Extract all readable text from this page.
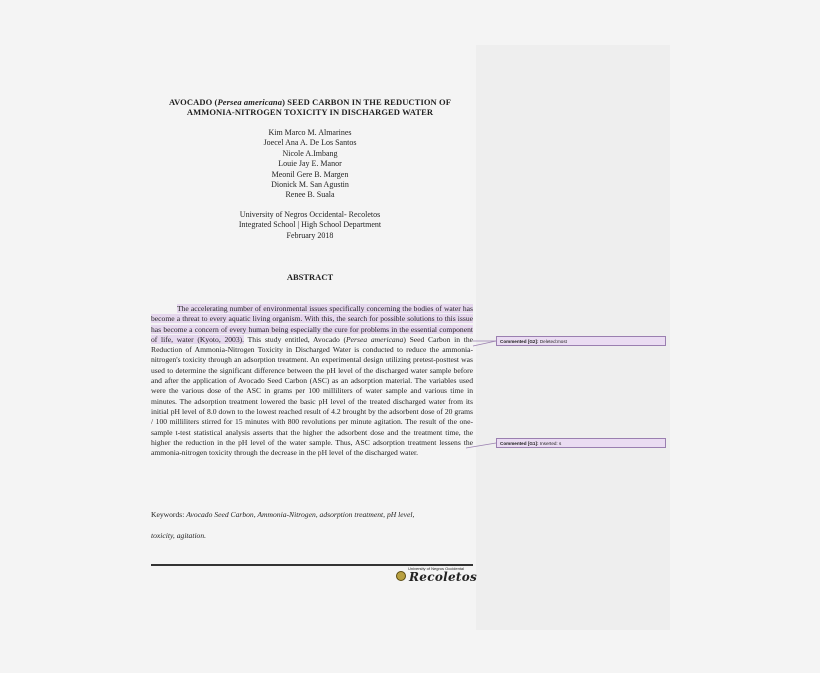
AVOCADO (Persea americana) SEED CARBON IN THE REDUCTION OF
AMMONIA-NITROGEN TOXICITY IN DISCHARGED WATER
Kim Marco M. Almarines
Joecel Ana A. De Los Santos
Nicole A.Imbang
Louie Jay E. Manor
Meonil Gere B. Margen
Dionick M. San Agustin
Renee B. Suala
University of Negros Occidental- Recoletos
Integrated School | High School Department
February 2018
ABSTRACT
The accelerating number of environmental issues specifically concerning the bodies of water has become a threat to every aquatic living organism. With this, the search for possible solutions to this issue has become a concern of every human being especially the cure for problems in the essential component of life, water (Kyoto, 2003). This study entitled, Avocado (Persea americana) Seed Carbon in the Reduction of Ammonia-Nitrogen Toxicity in Discharged Water is conducted to reduce the ammonia-nitrogen's toxicity through an adsorption treatment. An experimental design utilizing pretest-posttest was used to determine the significant difference between the pH level of the discharged water sample before and after the application of Avocado Seed Carbon (ASC) as an adsorption material. The variables used were the various dose of the ASC in grams per 100 milliliters of water sample and various time in minutes. The adsorption treatment lowered the basic pH level of the treated discharged water from its initial pH level of 8.0 down to the lowest reached result of 4.2 brought by the adsorbent dose of 20 grams / 100 milliliters stirred for 15 minutes with 800 revolutions per minute agitation. The result of the one-sample t-test statistical analysis asserts that the higher the adsorbent dose and the treatment time, the higher the reduction in the pH level of the water sample. Thus, ASC adsorption treatment lessens the ammonia-nitrogen toxicity through the decrease in the pH level of the discharged water.
Keywords: Avocado Seed Carbon, Ammonia-Nitrogen, adsorption treatment, pH level,
toxicity, agitation.
University of Negros Occidental
Recoletos
Commented [G2]: Deleted:most
Commented [G1]: Inserted: s
